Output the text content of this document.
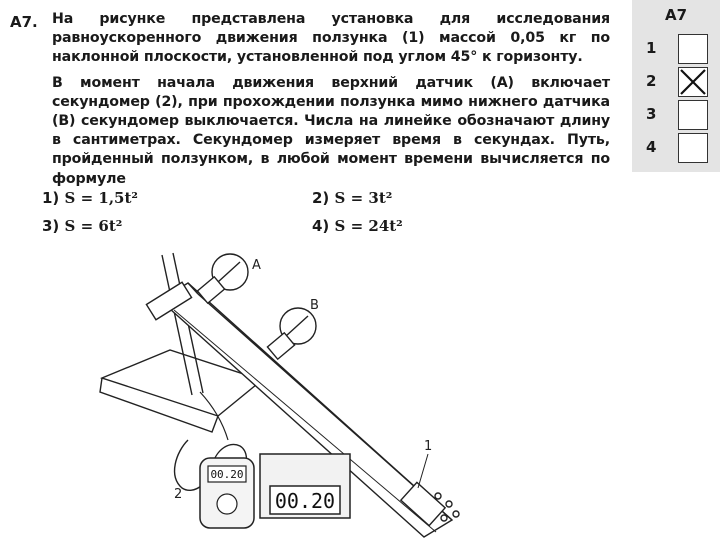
А7. На рисунке представлена установка для исследования равноускоренного движения ползунка (1) массой 0,05 кг по наклонной плоскости, установленной под углом 45° к горизонту.
В момент начала движения верхний датчик (А) включает секундомер (2), при прохождении ползунка мимо нижнего датчика (В) секундомер выключается. Числа на линейке обозначают длину в сантиметрах. Секундомер измеряет время в секундах. Путь, пройденный ползунком, в любой момент времени вычисляется по формуле
1) S = 1,5t²	2) S = 3t²
3) S = 6t²	4) S = 24t²
А7
1
2
3
4
00.20
00.20
А
В
1
2
